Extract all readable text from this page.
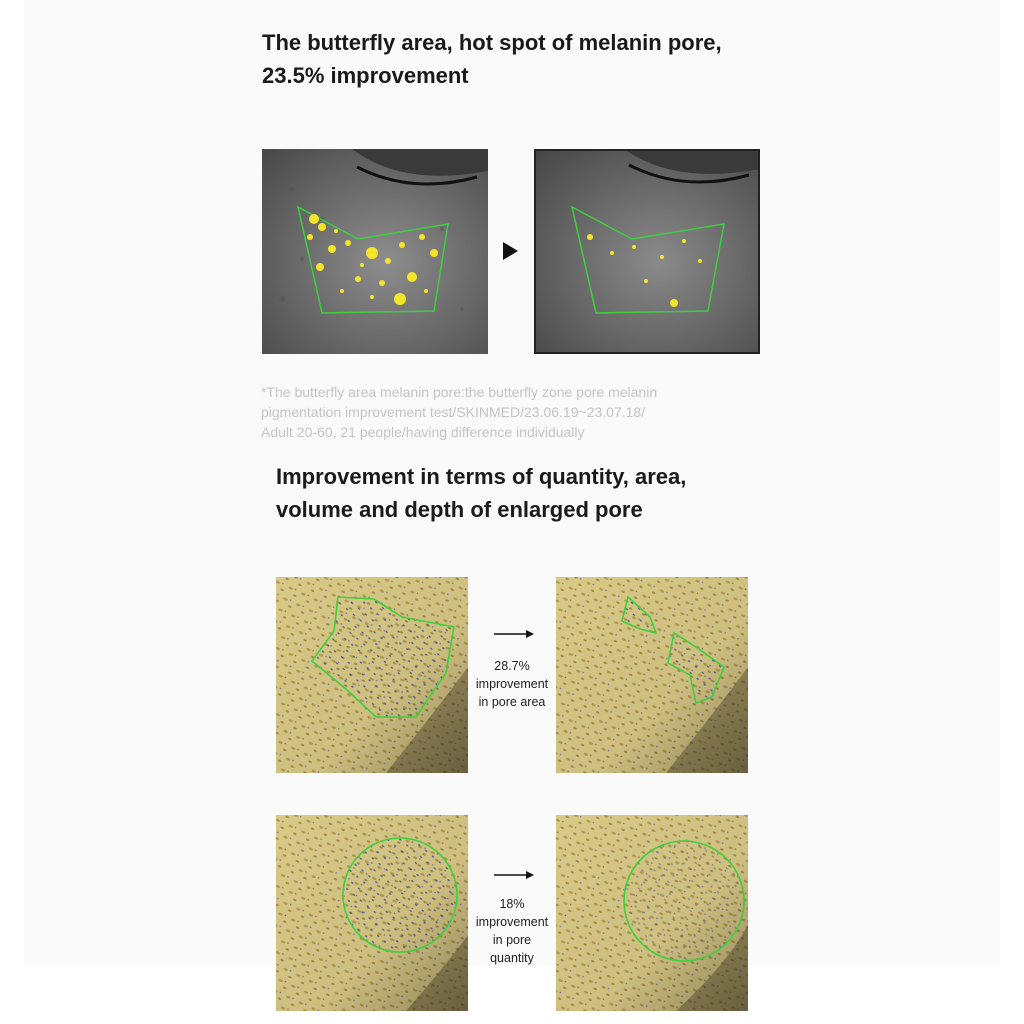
The butterfly area, hot spot of melanin pore,
23.5% improvement

*The butterfly area melanin pore:the butterfly zone pore melanin
pigmentation improvement test/SKINMED/23.06.19~23.07.18/
Adult 20-60, 21 people/having difference individually

Improvement in terms of quantity, area,
volume and depth of enlarged pore

28.7%
improvement
in pore area

18%
improvement
in pore
quantity
